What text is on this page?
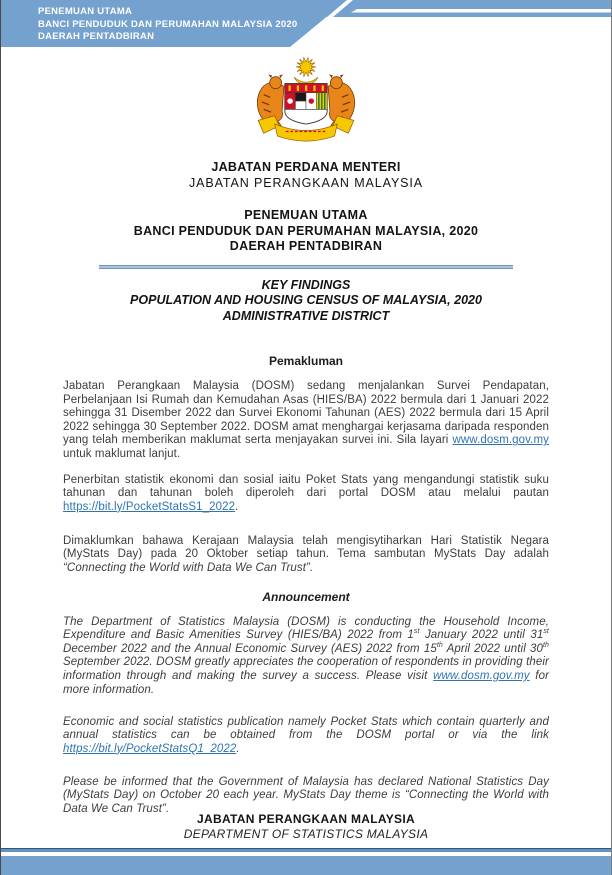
PENEMUAN UTAMA
BANCI PENDUDUK DAN PERUMAHAN MALAYSIA 2020
DAERAH PENTADBIRAN
JABATAN PERDANA MENTERI
JABATAN PERANGKAAN MALAYSIA
PENEMUAN UTAMA
BANCI PENDUDUK DAN PERUMAHAN MALAYSIA, 2020
DAERAH PENTADBIRAN
KEY FINDINGS
POPULATION AND HOUSING CENSUS OF MALAYSIA, 2020
ADMINISTRATIVE DISTRICT
Pemakluman

Jabatan Perangkaan Malaysia (DOSM) sedang menjalankan Survei Pendapatan, Perbelanjaan Isi Rumah dan Kemudahan Asas (HIES/BA) 2022 bermula dari 1 Januari 2022 sehingga 31 Disember 2022 dan Survei Ekonomi Tahunan (AES) 2022 bermula dari 15 April 2022 sehingga 30 September 2022. DOSM amat menghargai kerjasama daripada responden yang telah memberikan maklumat serta menjayakan survei ini. Sila layari www.dosm.gov.my untuk maklumat lanjut.

Penerbitan statistik ekonomi dan sosial iaitu Poket Stats yang mengandungi statistik suku tahunan dan tahunan boleh diperoleh dari portal DOSM atau melalui pautan https://bit.ly/PocketStatsS1_2022.

Dimaklumkan bahawa Kerajaan Malaysia telah mengisytiharkan Hari Statistik Negara (MyStats Day) pada 20 Oktober setiap tahun. Tema sambutan MyStats Day adalah “Connecting the World with Data We Can Trust”.

Announcement

The Department of Statistics Malaysia (DOSM) is conducting the Household Income, Expenditure and Basic Amenities Survey (HIES/BA) 2022 from 1st January 2022 until 31st December 2022 and the Annual Economic Survey (AES) 2022 from 15th April 2022 until 30th September 2022. DOSM greatly appreciates the cooperation of respondents in providing their information through and making the survey a success. Please visit www.dosm.gov.my for more information.

Economic and social statistics publication namely Pocket Stats which contain quarterly and annual statistics can be obtained from the DOSM portal or via the link https://bit.ly/PocketStatsQ1_2022.

Please be informed that the Government of Malaysia has declared National Statistics Day (MyStats Day) on October 20 each year. MyStats Day theme is “Connecting the World with Data We Can Trust”.

JABATAN PERANGKAAN MALAYSIA
DEPARTMENT OF STATISTICS MALAYSIA
